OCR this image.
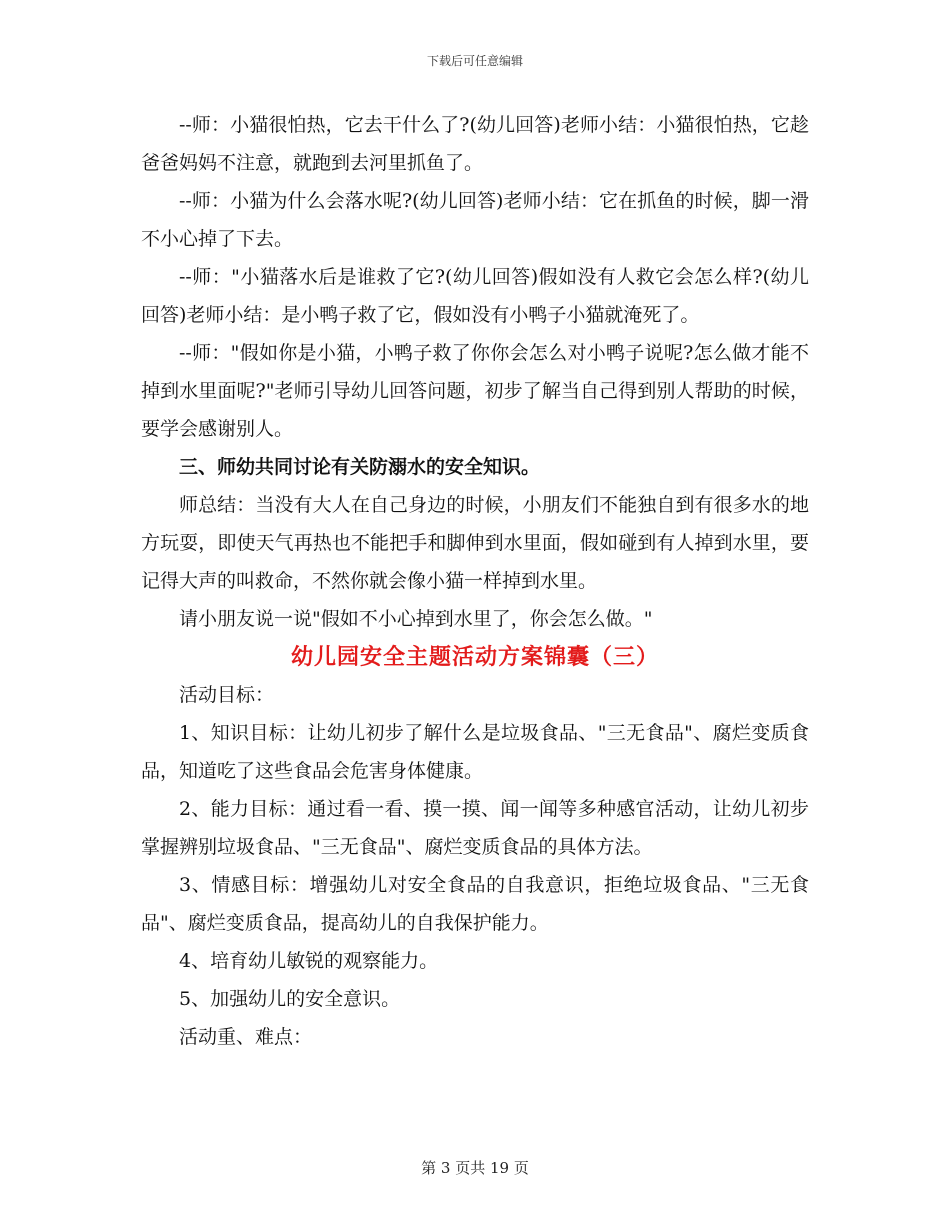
下载后可任意编辑

--师：小猫很怕热，它去干什么了?(幼儿回答)老师小结：小猫很怕热，它趁爸爸妈妈不注意，就跑到去河里抓鱼了。

--师：小猫为什么会落水呢?(幼儿回答)老师小结：它在抓鱼的时候，脚一滑不小心掉了下去。

--师："小猫落水后是谁救了它?(幼儿回答)假如没有人救它会怎么样?(幼儿回答)老师小结：是小鸭子救了它，假如没有小鸭子小猫就淹死了。

--师："假如你是小猫，小鸭子救了你你会怎么对小鸭子说呢?怎么做才能不掉到水里面呢?"老师引导幼儿回答问题，初步了解当自己得到别人帮助的时候，要学会感谢别人。

三、师幼共同讨论有关防溺水的安全知识。

师总结：当没有大人在自己身边的时候，小朋友们不能独自到有很多水的地方玩耍，即使天气再热也不能把手和脚伸到水里面，假如碰到有人掉到水里，要记得大声的叫救命，不然你就会像小猫一样掉到水里。

请小朋友说一说"假如不小心掉到水里了，你会怎么做。"

幼儿园安全主题活动方案锦囊（三）

活动目标：

1、知识目标：让幼儿初步了解什么是垃圾食品、"三无食品"、腐烂变质食品，知道吃了这些食品会危害身体健康。

2、能力目标：通过看一看、摸一摸、闻一闻等多种感官活动，让幼儿初步掌握辨别垃圾食品、"三无食品"、腐烂变质食品的具体方法。

3、情感目标：增强幼儿对安全食品的自我意识，拒绝垃圾食品、"三无食品"、腐烂变质食品，提高幼儿的自我保护能力。

4、培育幼儿敏锐的观察能力。

5、加强幼儿的安全意识。

活动重、难点：

第 3 页共 19 页
